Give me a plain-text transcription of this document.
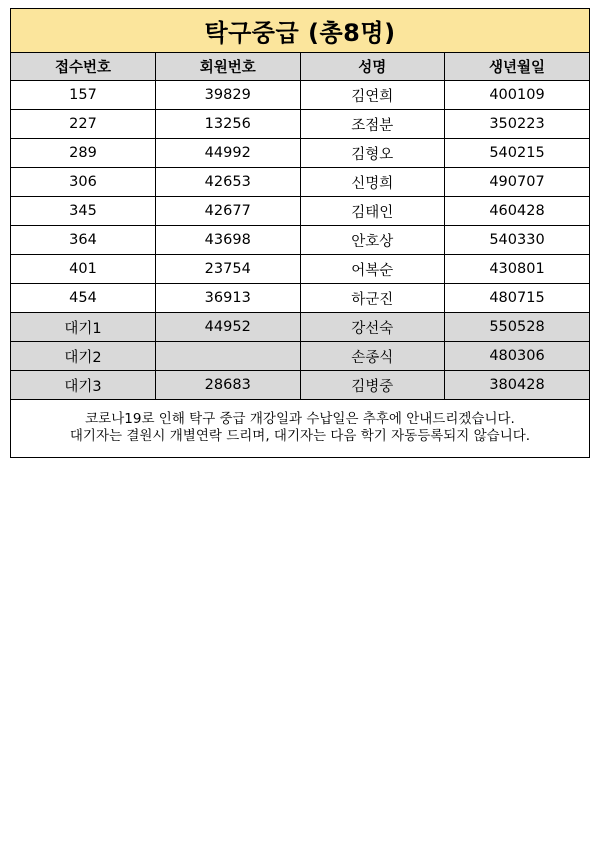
탁구중급 (총8명)
접수번호	회원번호	성명	생년월일
157	39829	김연희	400109
227	13256	조점분	350223
289	44992	김형오	540215
306	42653	신명희	490707
345	42677	김태인	460428
364	43698	안호상	540330
401	23754	어복순	430801
454	36913	하군진	480715
대기1	44952	강선숙	550528
대기2		손종식	480306
대기3	28683	김병중	380428
코로나19로 인해 탁구 중급 개강일과 수납일은 추후에 안내드리겠습니다.
대기자는 결원시 개별연락 드리며, 대기자는 다음 학기 자동등록되지 않습니다.
